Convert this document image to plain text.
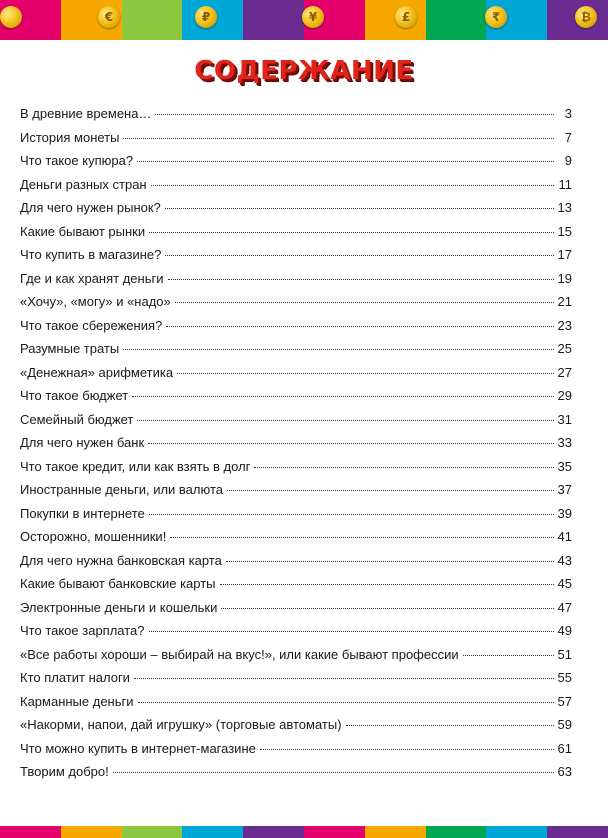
€	₽	¥	£	₹	₿
СОДЕРЖАНИЕ
В древние времена…	3
История монеты	7
Что такое купюра?	9
Деньги разных стран	11
Для чего нужен рынок?	13
Какие бывают рынки	15
Что купить в магазине?	17
Где и как хранят деньги	19
«Хочу», «могу» и «надо»	21
Что такое сбережения?	23
Разумные траты	25
«Денежная» арифметика	27
Что такое бюджет	29
Семейный бюджет	31
Для чего нужен банк	33
Что такое кредит, или как взять в долг	35
Иностранные деньги, или валюта	37
Покупки в интернете	39
Осторожно, мошенники!	41
Для чего нужна банковская карта	43
Какие бывают банковские карты	45
Электронные деньги и кошельки	47
Что такое зарплата?	49
«Все работы хороши – выбирай на вкус!», или какие бывают профессии	51
Кто платит налоги	55
Карманные деньги	57
«Накорми, напои, дай игрушку» (торговые автоматы)	59
Что можно купить в интернет-магазине	61
Творим добро!	63
